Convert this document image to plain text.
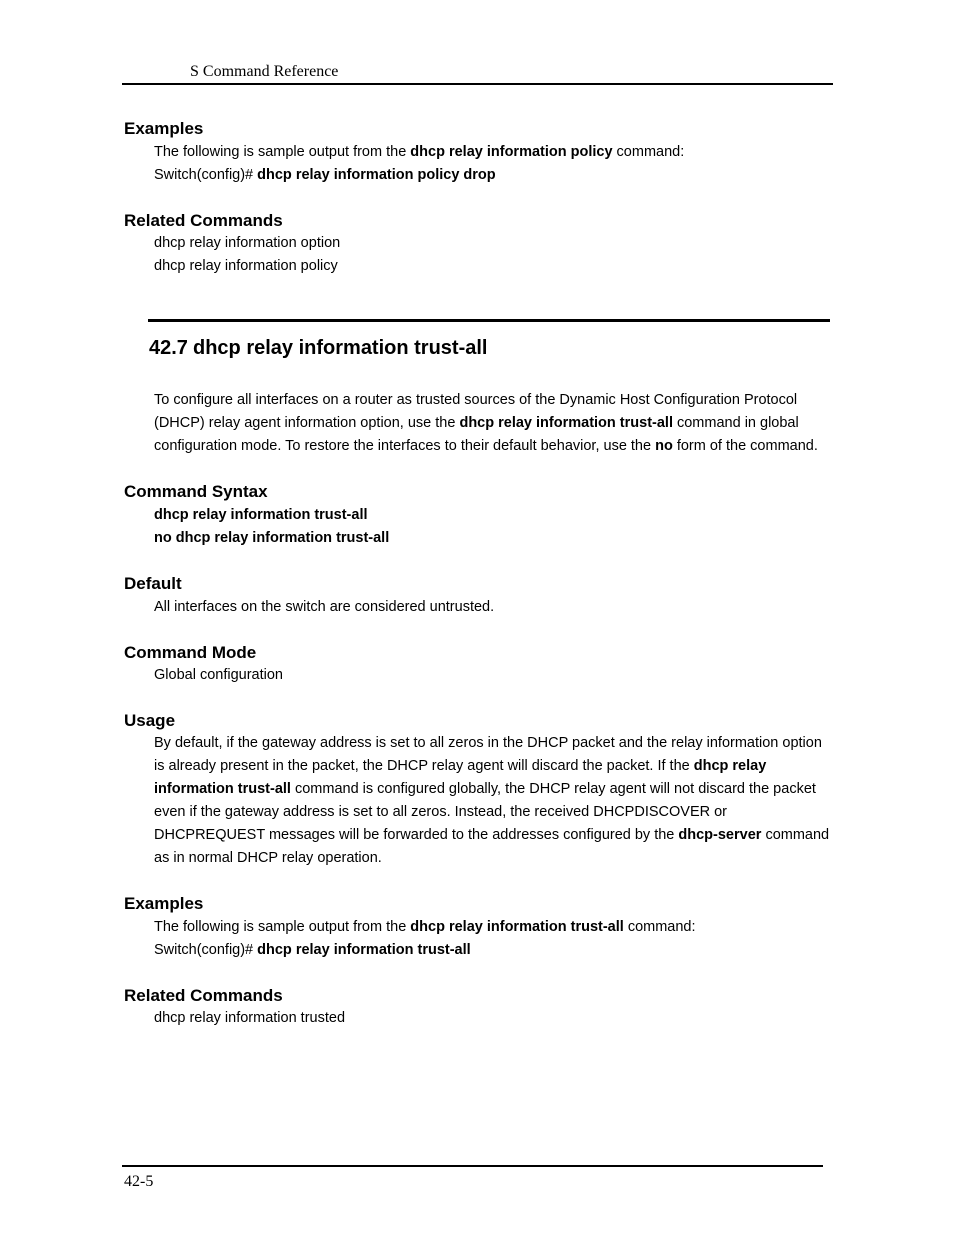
S Command Reference
Examples
The following is sample output from the dhcp relay information policy command:
Switch(config)# dhcp relay information policy drop
Related Commands
dhcp relay information option
dhcp relay information policy
42.7 dhcp relay information trust-all
To configure all interfaces on a router as trusted sources of the Dynamic Host Configuration Protocol (DHCP) relay agent information option, use the dhcp relay information trust-all command in global configuration mode. To restore the interfaces to their default behavior, use the no form of the command.
Command Syntax
dhcp relay information trust-all
no dhcp relay information trust-all
Default
All interfaces on the switch are considered untrusted.
Command Mode
Global configuration
Usage
By default, if the gateway address is set to all zeros in the DHCP packet and the relay information option is already present in the packet, the DHCP relay agent will discard the packet. If the dhcp relay information trust-all command is configured globally, the DHCP relay agent will not discard the packet even if the gateway address is set to all zeros. Instead, the received DHCPDISCOVER or DHCPREQUEST messages will be forwarded to the addresses configured by the dhcp-server command as in normal DHCP relay operation.
Examples
The following is sample output from the dhcp relay information trust-all command:
Switch(config)# dhcp relay information trust-all
Related Commands
dhcp relay information trusted
42-5
